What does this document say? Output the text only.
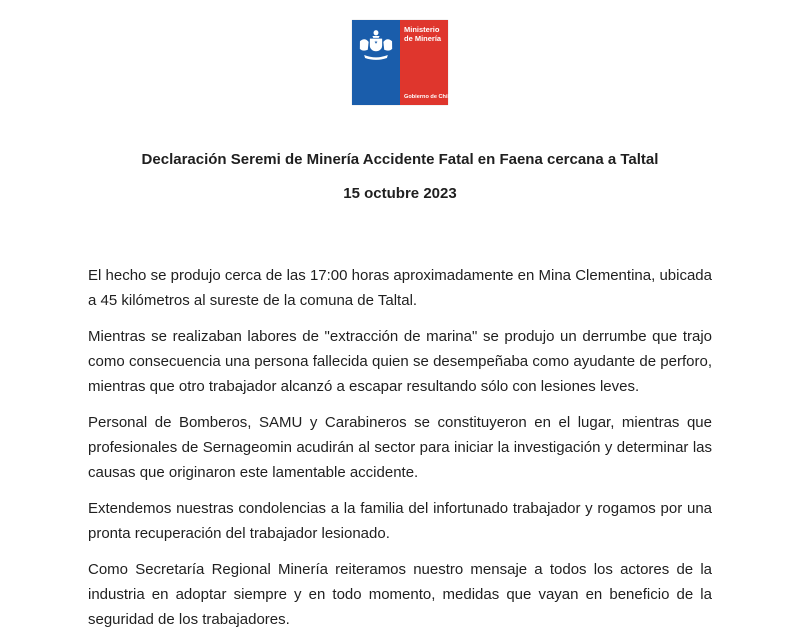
Ministerio de Minería
Gobierno de Chile
Declaración Seremi de Minería Accidente Fatal en Faena cercana a Taltal
15 octubre 2023

El hecho se produjo cerca de las 17:00 horas aproximadamente en Mina Clementina, ubicada a 45 kilómetros al sureste de la comuna de Taltal.

Mientras se realizaban labores de "extracción de marina" se produjo un derrumbe que trajo como consecuencia una persona fallecida quien se desempeñaba como ayudante de perforo, mientras que otro trabajador alcanzó a escapar resultando sólo con lesiones leves.

Personal de Bomberos, SAMU y Carabineros se constituyeron en el lugar, mientras que profesionales de Sernageomin acudirán al sector para iniciar la investigación y determinar las causas que originaron este lamentable accidente.

Extendemos nuestras condolencias a la familia del infortunado trabajador y rogamos por una pronta recuperación del trabajador lesionado.

Como Secretaría Regional Minería reiteramos nuestro mensaje a todos los actores de la industria en adoptar siempre y en todo momento, medidas que vayan en beneficio de la seguridad de los trabajadores.
